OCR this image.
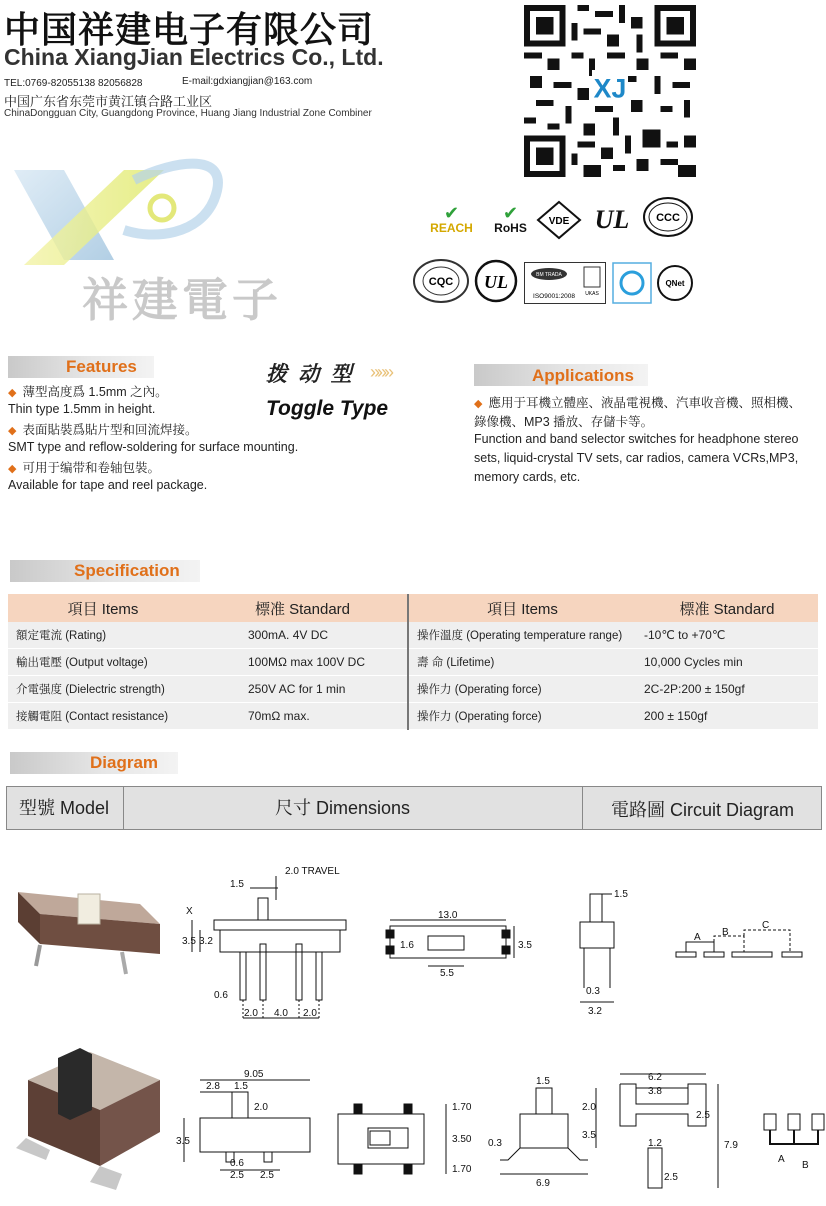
中国祥建电子有限公司
China XiangJian Electrics Co., Ltd.
TEL:0769-82055138 82056828	E-mail:gdxiangjian@163.com
中国广东省东莞市黄江镇合路工业区
ChinaDongguan City, Guangdong Province, Huang Jiang Industrial Zone Combiner
祥建電子
XJ
✔
REACH
✔
RoHS VDE UL	CCC
CQC UL	BM TRADA
ISO9001:2008 UKAS
QNet
Features
◆ 薄型高度爲 1.5mm 之內。
Thin type 1.5mm in height.
◆ 表面貼裝爲貼片型和回流焊接。
SMT type and reflow-soldering for surface mounting.
◆ 可用于编带和卷轴包裝。
Available for tape and reel package.
拨 动 型 »»»
Toggle Type
Applications
◆ 應用于耳機立體座、液晶電視機、汽車收音機、照相機、
錄像機、MP3 播放、存儲卡等。
Function and band selector switches for headphone stereo
sets, liquid-crystal TV sets, car radios, camera VCRs,MP3,
memory cards, etc.
Specification
項目 Items	標准 Standard	項目 Items	標准 Standard
額定電流 (Rating)	300mA. 4V DC	操作溫度 (Operating temperature range)	-10℃ to +70℃
輸出電壓 (Output voltage)	100MΩ max 100V DC	壽 命 (Lifetime)	10,000 Cycles min
介電强度 (Dielectric strength)	250V AC for 1 min	操作力 (Operating force)	2C-2P:200 ± 150gf
接觸電阻 (Contact resistance)	70mΩ max.	操作力 (Operating force)	200 ± 150gf
Diagram
型號 Model	尺寸 Dimensions	電路圖 Circuit Diagram
2.0 TRAVEL
1.5
X
3.5 3.2
0.6
2.0 4.0 2.0
13.0
1.6	3.5
5.5
1.5
0.3
3.2
A B
C
9.05
2.8 1.5
2.0
3.5
0.6
2.5 2.5
1.70
3.50
1.70
1.5
2.0
3.5
0.3
6.9
6.2
3.8
2.5
7.9
1.2
2.5
A
B
